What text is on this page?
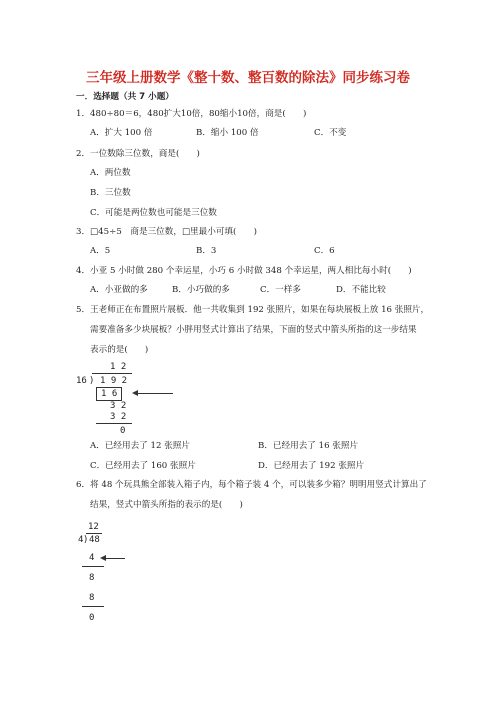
三年级上册数学《整十数、整百数的除法》同步练习卷
一．选择题（共 7 小题）
1．480÷80＝6，480扩大10倍，80缩小10倍，商是(　　)
A．扩大 100 倍	B．缩小 100 倍	C．不变
2．一位数除三位数，商是(　　)
A．两位数
B．三位数
C．可能是两位数也可能是三位数
3．□45÷5　商是三位数，□里最小可填(　　)
A．5	B．3	C．6
4．小亚 5 小时做 280 个幸运星，小巧 6 小时做 348 个幸运星，两人相比每小时(　　)
A．小亚做的多	B．小巧做的多	C．一样多	D．不能比较
5．王老师正在布置照片展板．他一共收集到 192 张照片，如果在每块展板上放 16 张照片，
需要准备多少块展板？小胖用竖式计算出了结果，下面的竖式中箭头所指的这一步结果
表示的是(　　)
1 2
16 ) 1 9 2
1 6
3 2
3 2
0
A．已经用去了 12 张照片	B．已经用去了 16 张照片
C．已经用去了 160 张照片	D．已经用去了 192 张照片
6．将 48 个玩具熊全部装入箱子内，每个箱子装 4 个，可以装多少箱？明明用竖式计算出了
结果，竖式中箭头所指的表示的是(　　)
12
4 ) 48
4
8
8
0
